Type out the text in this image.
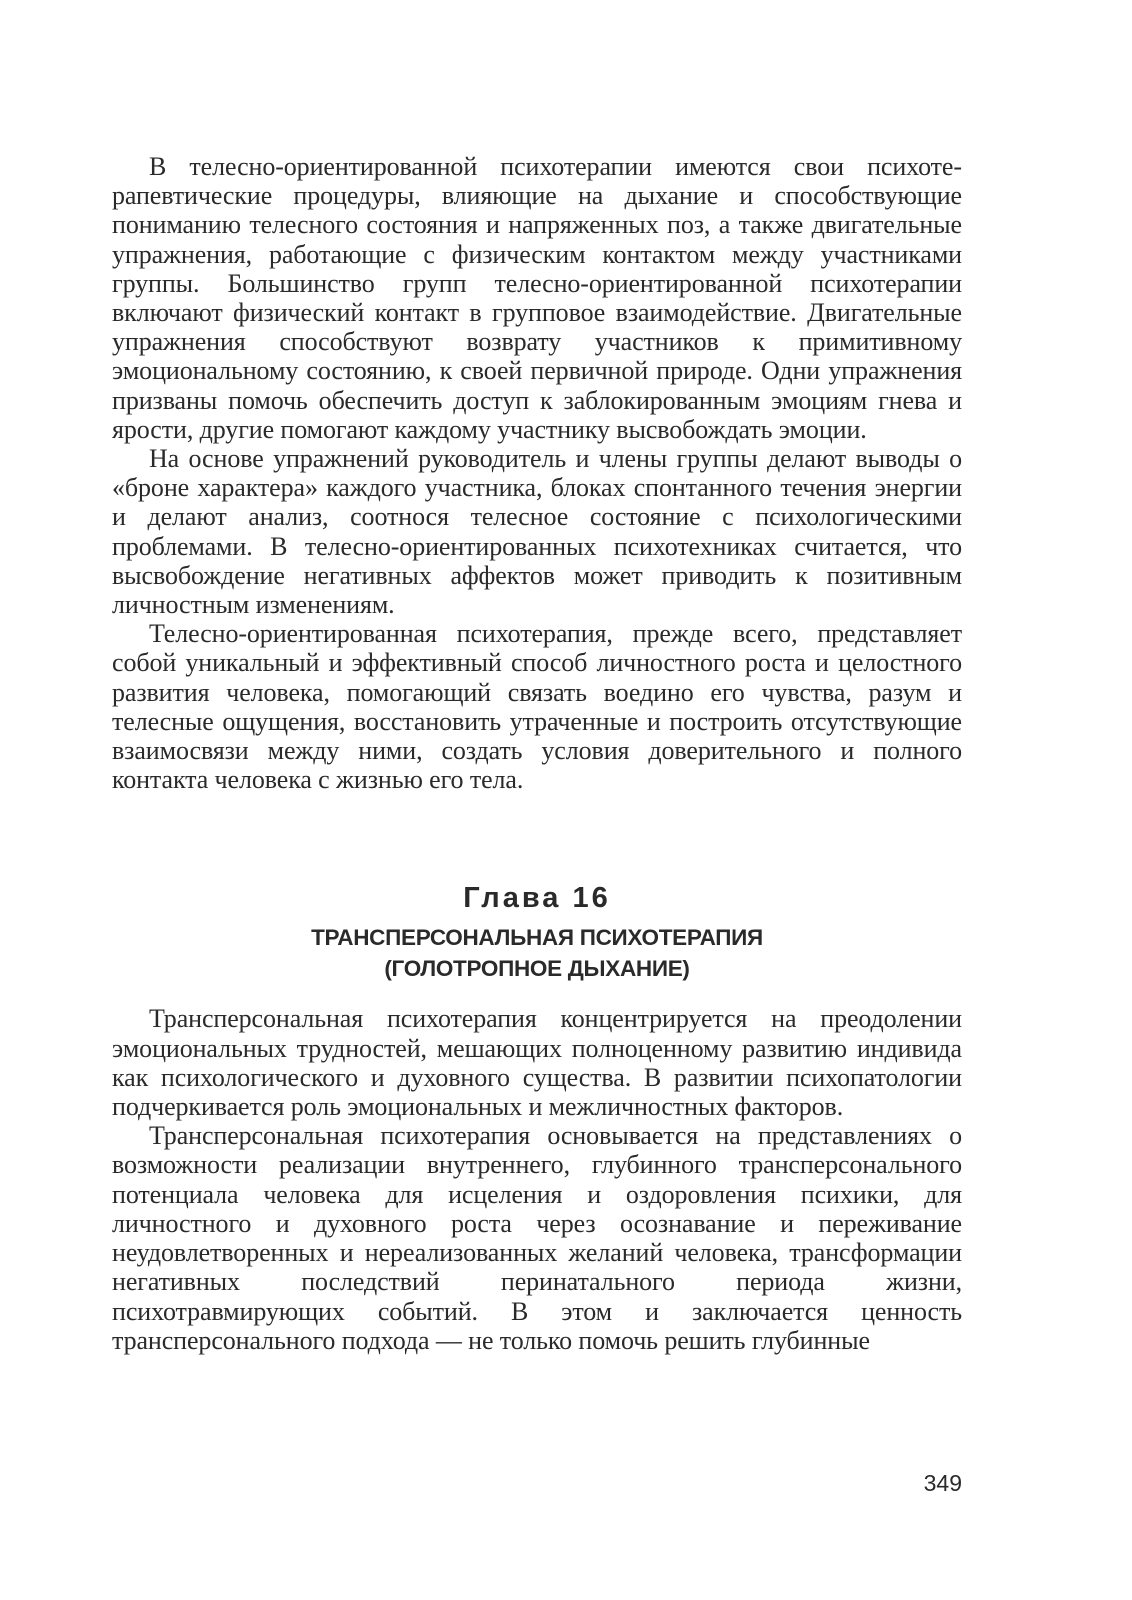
В телесно-ориентированной психотерапии имеются свои психотерапевтические процедуры, влияющие на дыхание и способствующие пониманию телесного состояния и напряженных поз, а также двигательные упражнения, работающие с физическим контактом между участниками группы. Большинство групп телесно-ориентированной психотерапии включают физический контакт в групповое взаимодействие. Двигательные упражнения способствуют возврату участников к примитивному эмоциональному состоянию, к своей первичной природе. Одни упражнения призваны помочь обеспечить доступ к заблокированным эмоциям гнева и ярости, другие помогают каждому участнику высвобождать эмоции.

На основе упражнений руководитель и члены группы делают выводы о «броне характера» каждого участника, блоках спонтанного течения энергии и делают анализ, соотнося телесное состояние с психологическими проблемами. В телесно-ориентированных психотехниках считается, что высвобождение негативных аффектов может приводить к позитивным личностным изменениям.

Телесно-ориентированная психотерапия, прежде всего, представляет собой уникальный и эффективный способ личностного роста и целостного развития человека, помогающий связать воедино его чувства, разум и телесные ощущения, восстановить утраченные и построить отсутствующие взаимосвязи между ними, создать условия доверительного и полного контакта человека с жизнью его тела.

Глава 16

ТРАНСПЕРСОНАЛЬНАЯ ПСИХОТЕРАПИЯ

(ГОЛОТРОПНОЕ ДЫХАНИЕ)

Трансперсональная психотерапия концентрируется на преодолении эмоциональных трудностей, мешающих полноценному развитию индивида как психологического и духовного существа. В развитии психопатологии подчеркивается роль эмоциональных и межличностных факторов.

Трансперсональная психотерапия основывается на представлениях о возможности реализации внутреннего, глубинного трансперсонального потенциала человека для исцеления и оздоровления психики, для личностного и духовного роста через осознавание и переживание неудовлетворенных и нереализованных желаний человека, трансформации негативных последствий перинатального периода жизни, психотравмирующих событий. В этом и заключается ценность трансперсонального подхода — не только помочь решить глубинные

349
